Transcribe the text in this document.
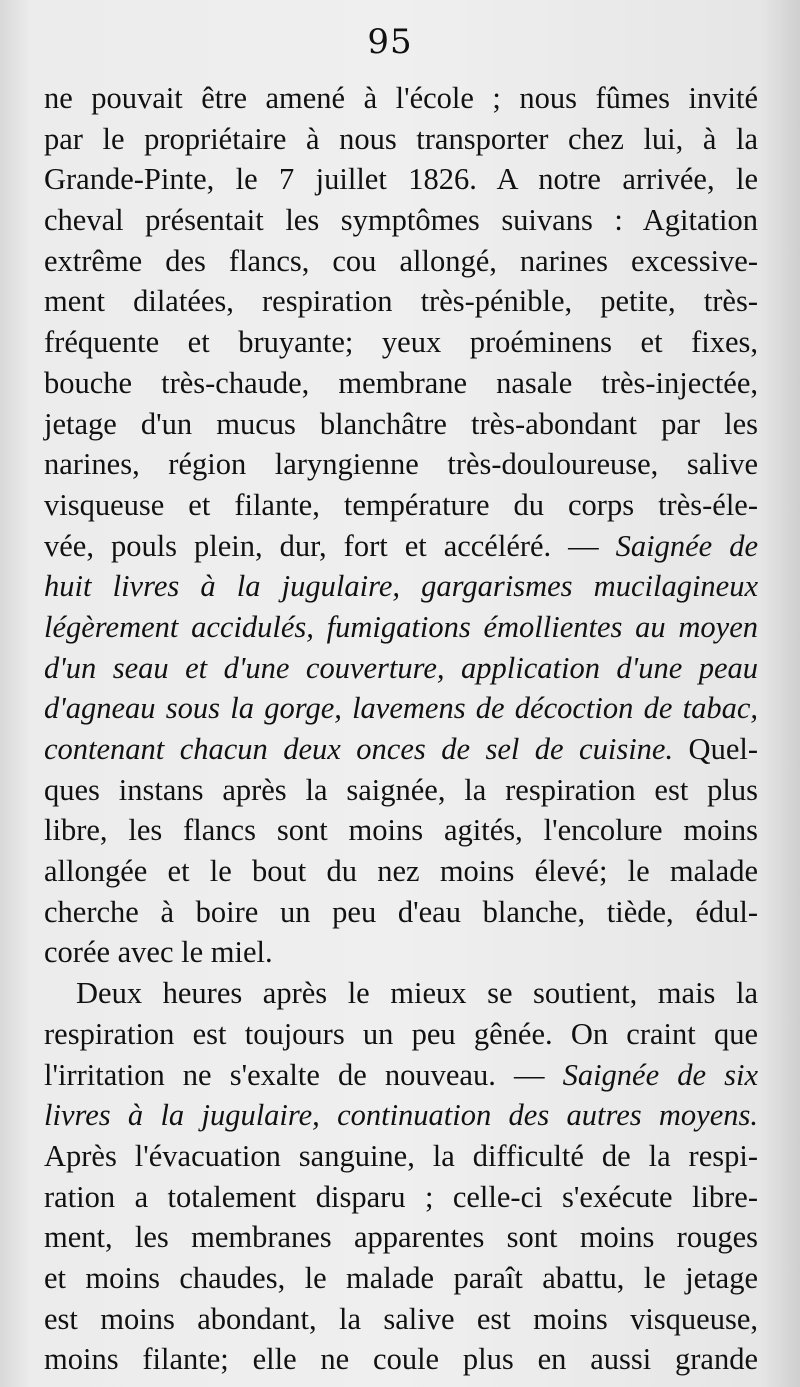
95
ne pouvait être amené à l'école ; nous fûmes invité
par le propriétaire à nous transporter chez lui, à la
Grande-Pinte, le 7 juillet 1826. A notre arrivée, le
cheval présentait les symptômes suivans : Agitation
extrême des flancs, cou allongé, narines excessive-
ment dilatées, respiration très-pénible, petite, très-
fréquente et bruyante; yeux proéminens et fixes,
bouche très-chaude, membrane nasale très-injectée,
jetage d'un mucus blanchâtre très-abondant par les
narines, région laryngienne très-douloureuse, salive
visqueuse et filante, température du corps très-éle-
vée, pouls plein, dur, fort et accéléré. — Saignée de
huit livres à la jugulaire, gargarismes mucilagineux
légèrement accidulés, fumigations émollientes au moyen
d'un seau et d'une couverture, application d'une peau
d'agneau sous la gorge, lavemens de décoction de tabac,
contenant chacun deux onces de sel de cuisine. Quel-
ques instans après la saignée, la respiration est plus
libre, les flancs sont moins agités, l'encolure moins
allongée et le bout du nez moins élevé; le malade
cherche à boire un peu d'eau blanche, tiède, édul-
corée avec le miel.
Deux heures après le mieux se soutient, mais la
respiration est toujours un peu gênée. On craint que
l'irritation ne s'exalte de nouveau. — Saignée de six
livres à la jugulaire, continuation des autres moyens.
Après l'évacuation sanguine, la difficulté de la respi-
ration a totalement disparu ; celle-ci s'exécute libre-
ment, les membranes apparentes sont moins rouges
et moins chaudes, le malade paraît abattu, le jetage
est moins abondant, la salive est moins visqueuse,
moins filante; elle ne coule plus en aussi grande
